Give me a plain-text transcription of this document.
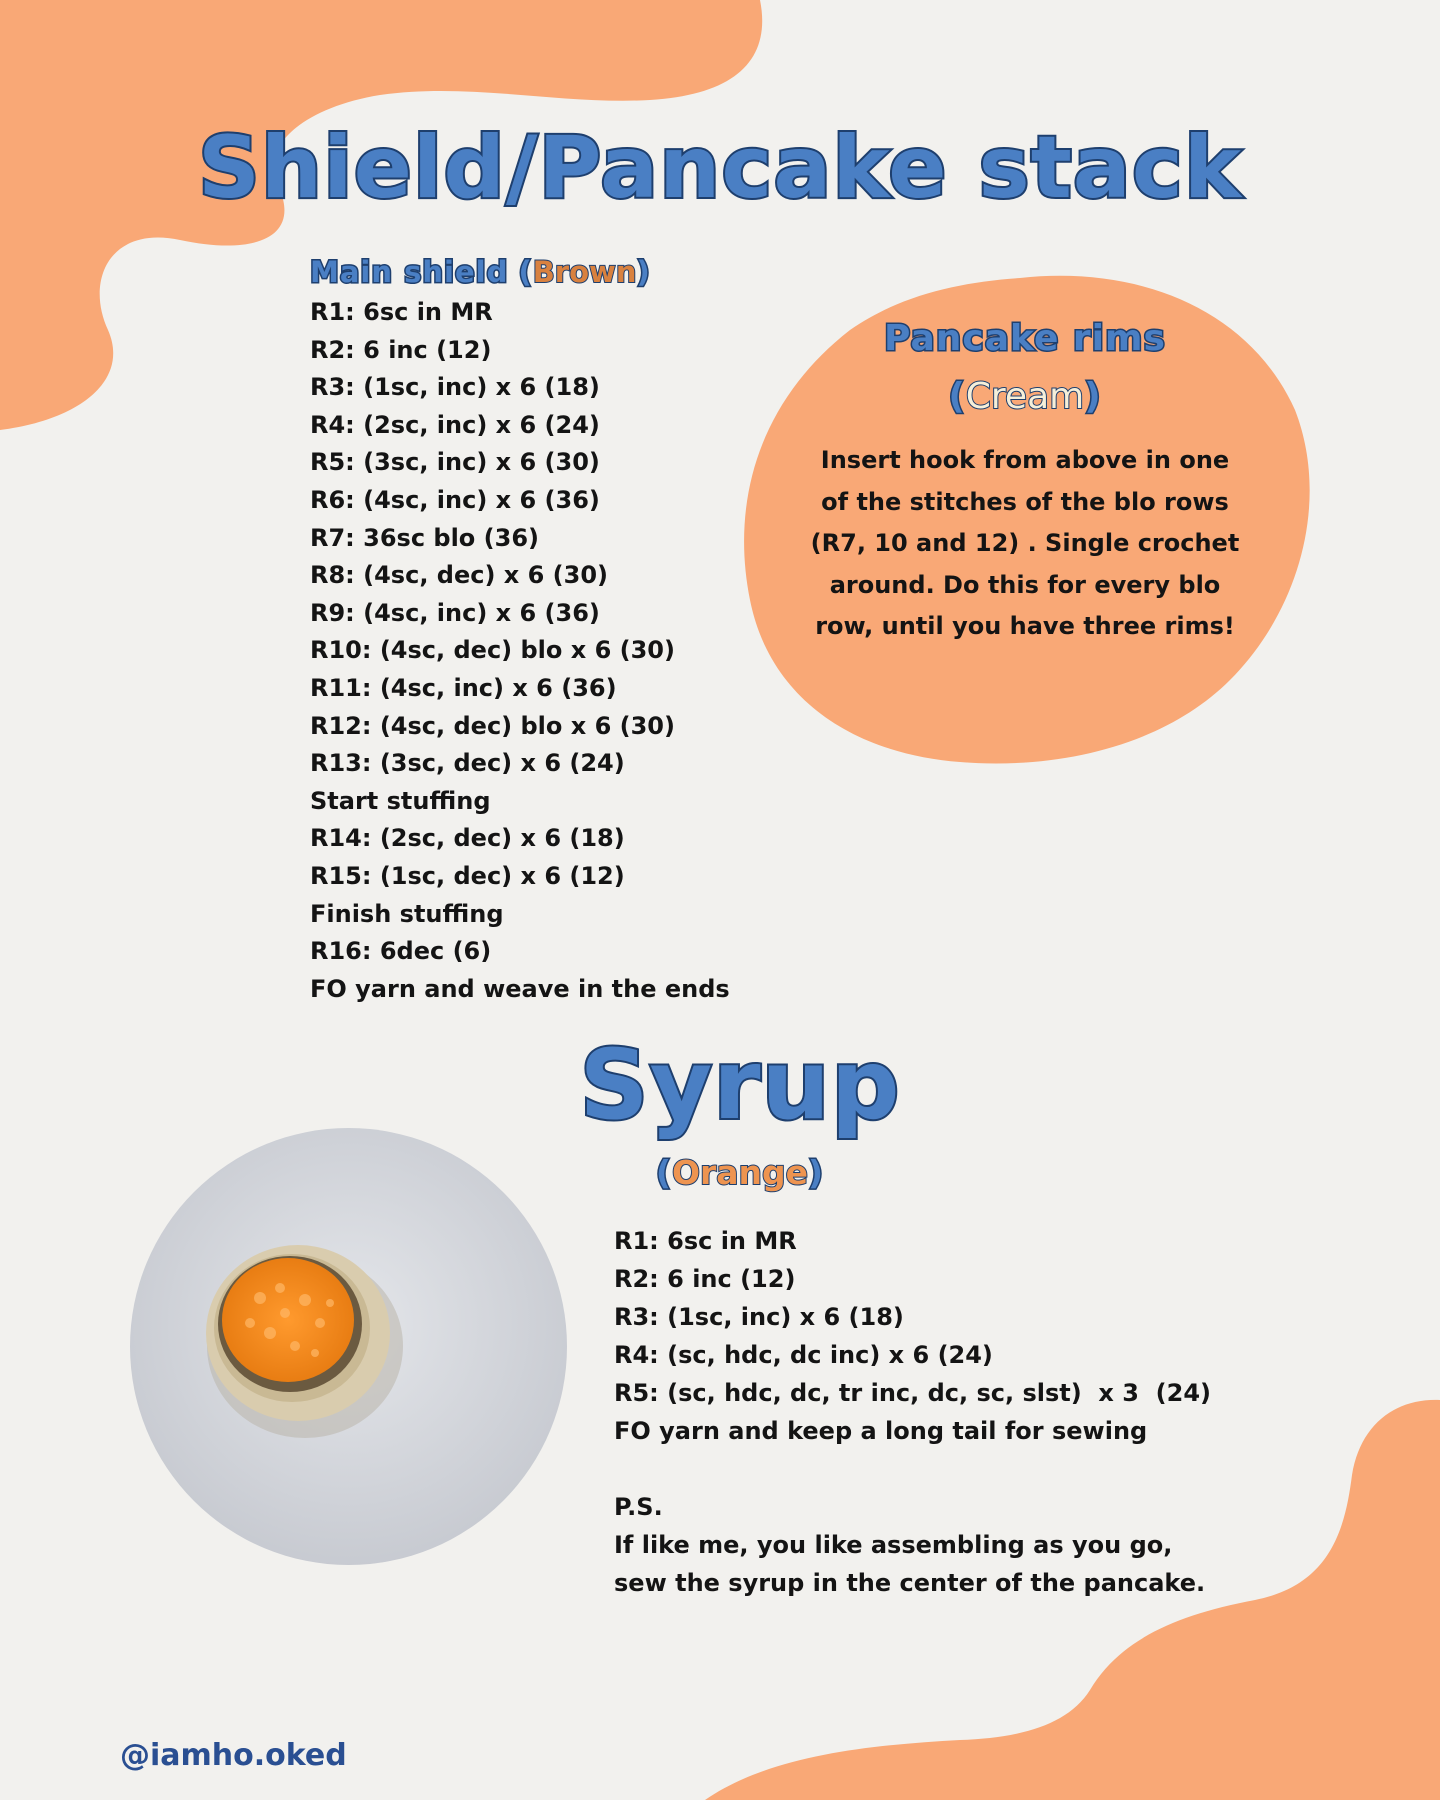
Shield/Pancake stack
Main shield (Brown)
R1: 6sc in MR
R2: 6 inc (12)
R3: (1sc, inc) x 6 (18)
R4: (2sc, inc) x 6 (24)
R5: (3sc, inc) x 6 (30)
R6: (4sc, inc) x 6 (36)
R7: 36sc blo (36)
R8: (4sc, dec) x 6 (30)
R9: (4sc, inc) x 6 (36)
R10: (4sc, dec) blo x 6 (30)
R11: (4sc, inc) x 6 (36)
R12: (4sc, dec) blo x 6 (30)
R13: (3sc, dec) x 6 (24)
Start stuffing
R14: (2sc, dec) x 6 (18)
R15: (1sc, dec) x 6 (12)
Finish stuffing
R16: 6dec (6)
FO yarn and weave in the ends
Pancake rims
(Cream)
Insert hook from above in one of the stitches of the blo rows (R7, 10 and 12) . Single crochet around. Do this for every blo row, until you have three rims!
Syrup
(Orange)
R1: 6sc in MR
R2: 6 inc (12)
R3: (1sc, inc) x 6 (18)
R4: (sc, hdc, dc inc) x 6 (24)
R5: (sc, hdc, dc, tr inc, dc, sc, slst)  x 3  (24)
FO yarn and keep a long tail for sewing
P.S.
If like me, you like assembling as you go,
sew the syrup in the center of the pancake.
@iamho.oked
